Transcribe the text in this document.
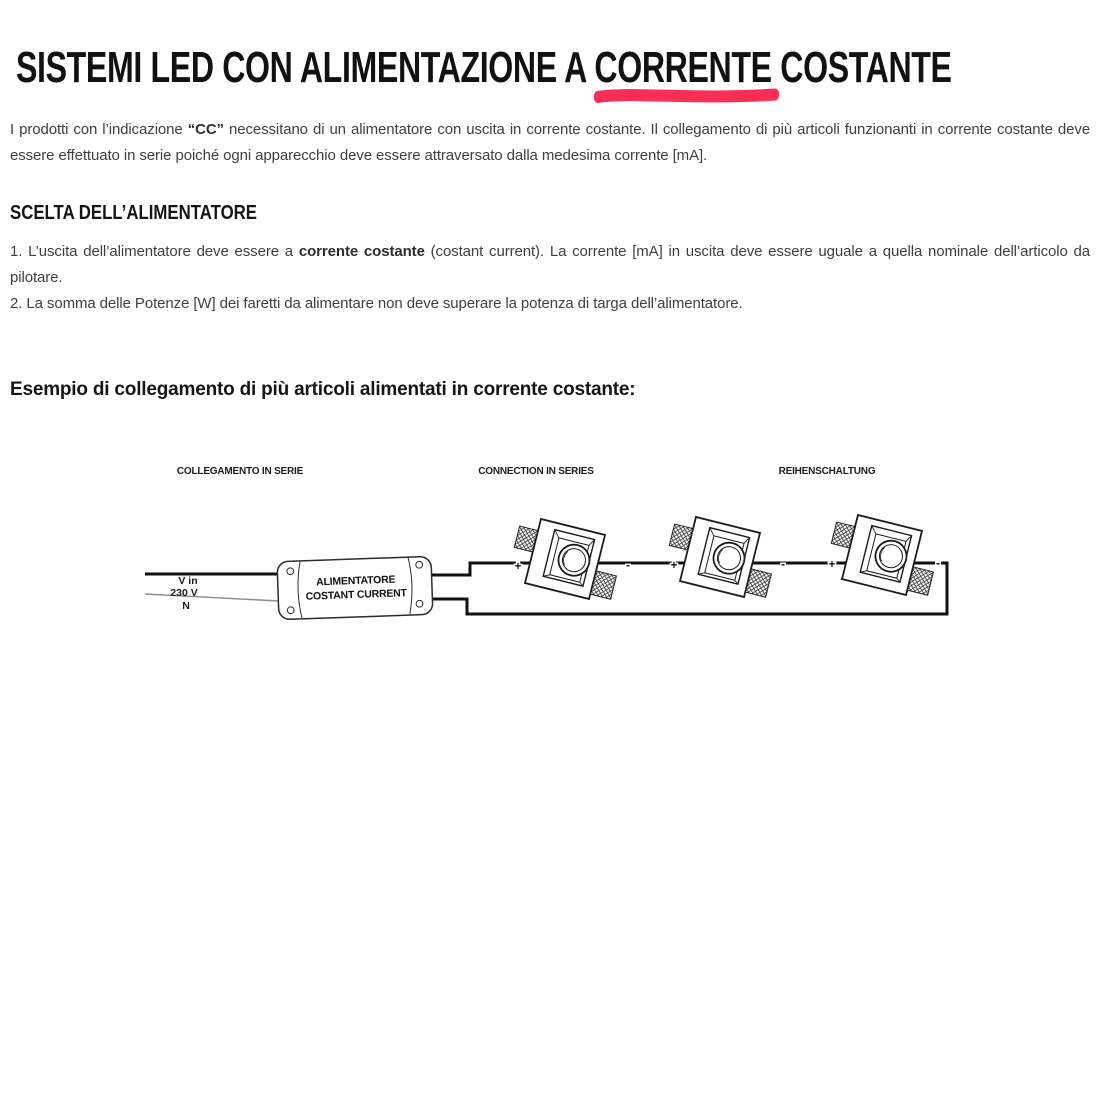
SISTEMI LED CON ALIMENTAZIONE A CORRENTE
COSTANTE

I prodotti con l’indicazione “CC” necessitano di un alimentatore con uscita in corrente costante. Il collegamento di più articoli funzionanti in corrente costante deve essere effettuato in serie poiché ogni apparecchio deve essere attraversato dalla medesima corrente [mA].

SCELTA DELL’ALIMENTATORE

1. L’uscita dell’alimentatore deve essere a corrente costante (costant current). La corrente [mA] in uscita deve essere uguale a quella nominale dell’articolo da pilotare.

2. La somma delle Potenze [W] dei faretti da alimentare non deve superare la potenza di targa dell’alimentatore.

Esempio di collegamento di più articoli alimentati in corrente costante:
COLLEGAMENTO IN SERIE	CONNECTION IN SERIES	REIHENSCHALTUNG
V in
230 V
N
ALIMENTATORE
COSTANT CURRENT
+	-	+	-	+	-
